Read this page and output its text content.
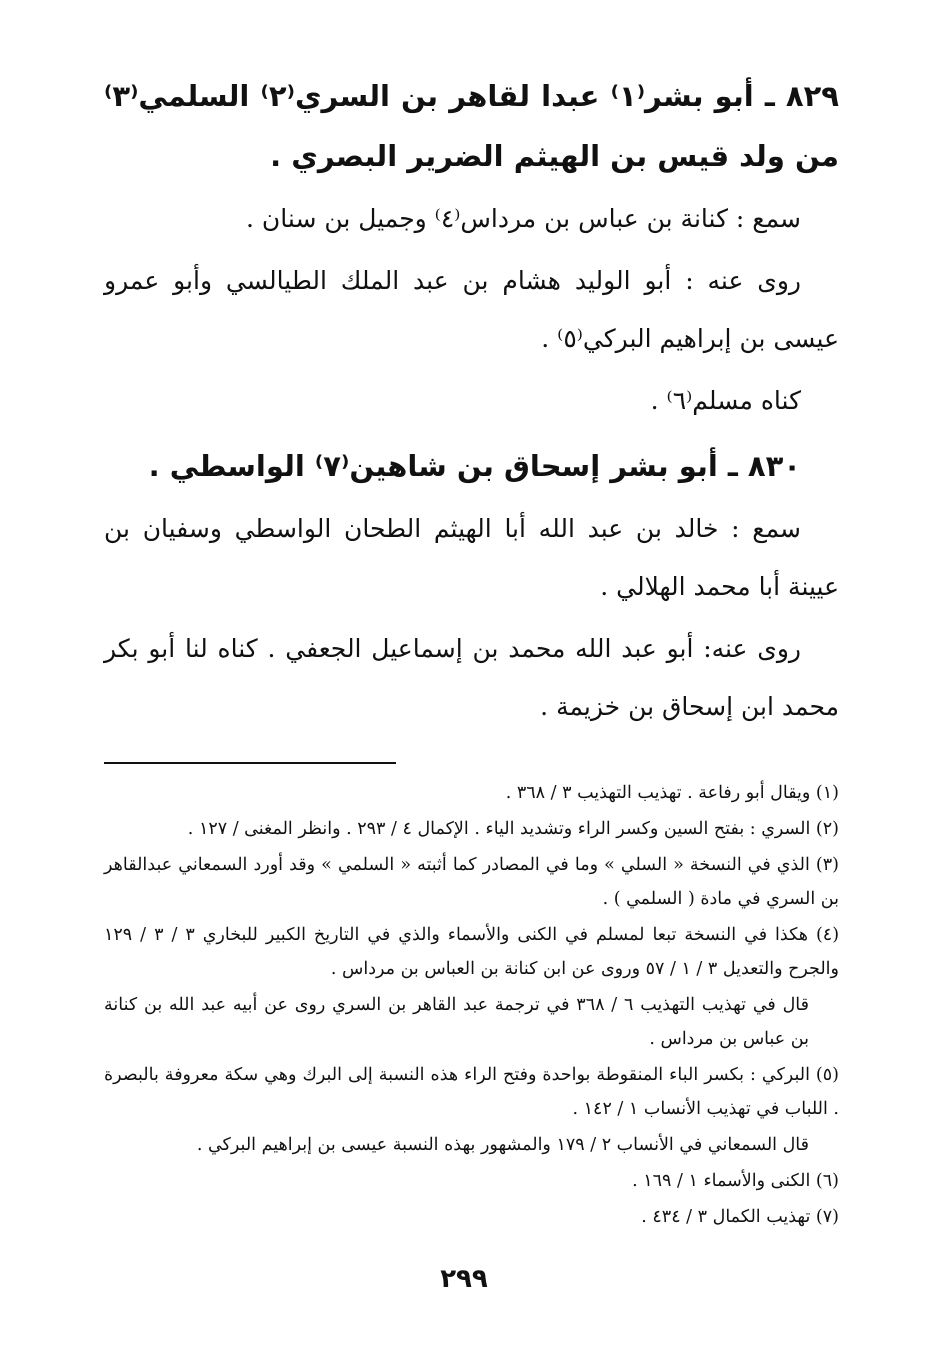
٨٢٩ ـ أبو بشر⁽١⁾ عبدا لقاهر بن السري⁽٢⁾ السلمي⁽٣⁾ من ولد قيس بن الهيثم الضرير البصري .

سمع : كنانة بن عباس بن مرداس⁽٤⁾ وجميل بن سنان .

روى عنه : أبو الوليد هشام بن عبد الملك الطيالسي وأبو عمرو عيسى بن إبراهيم البركي⁽٥⁾ .

كناه مسلم⁽٦⁾ .

٨٣٠ ـ أبو بشر إسحاق بن شاهين⁽٧⁾ الواسطي .

سمع : خالد بن عبد الله أبا الهيثم الطحان الواسطي وسفيان بن عيينة أبا محمد الهلالي .

روى عنه: أبو عبد الله محمد بن إسماعيل الجعفي . كناه لنا أبو بكر محمد ابن إسحاق بن خزيمة .

(١) ويقال أبو رفاعة . تهذيب التهذيب ٣ / ٣٦٨ .

(٢) السري : بفتح السين وكسر الراء وتشديد الياء . الإكمال ٤ / ٢٩٣ . وانظر المغنى / ١٢٧ .

(٣) الذي في النسخة « السلي » وما في المصادر كما أثبته « السلمي » وقد أورد السمعاني عبدالقاهر بن السري في مادة ( السلمي ) .

(٤) هكذا في النسخة تبعا لمسلم في الكنى والأسماء والذي في التاريخ الكبير للبخاري ٣ / ٣ / ١٢٩ والجرح والتعديل ٣ / ١ / ٥٧ وروى عن ابن كنانة بن العباس بن مرداس .

قال في تهذيب التهذيب ٦ / ٣٦٨ في ترجمة عبد القاهر بن السري روى عن أبيه عبد الله بن كنانة بن عباس بن مرداس .

(٥) البركي : بكسر الباء المنقوطة بواحدة وفتح الراء هذه النسبة إلى البرك وهي سكة معروفة بالبصرة . اللباب في تهذيب الأنساب ١ / ١٤٢ .

قال السمعاني في الأنساب ٢ / ١٧٩ والمشهور بهذه النسبة عيسى بن إبراهيم البركي .

(٦) الكنى والأسماء ١ / ١٦٩ .

(٧) تهذيب الكمال ٣ / ٤٣٤ .

٢٩٩
